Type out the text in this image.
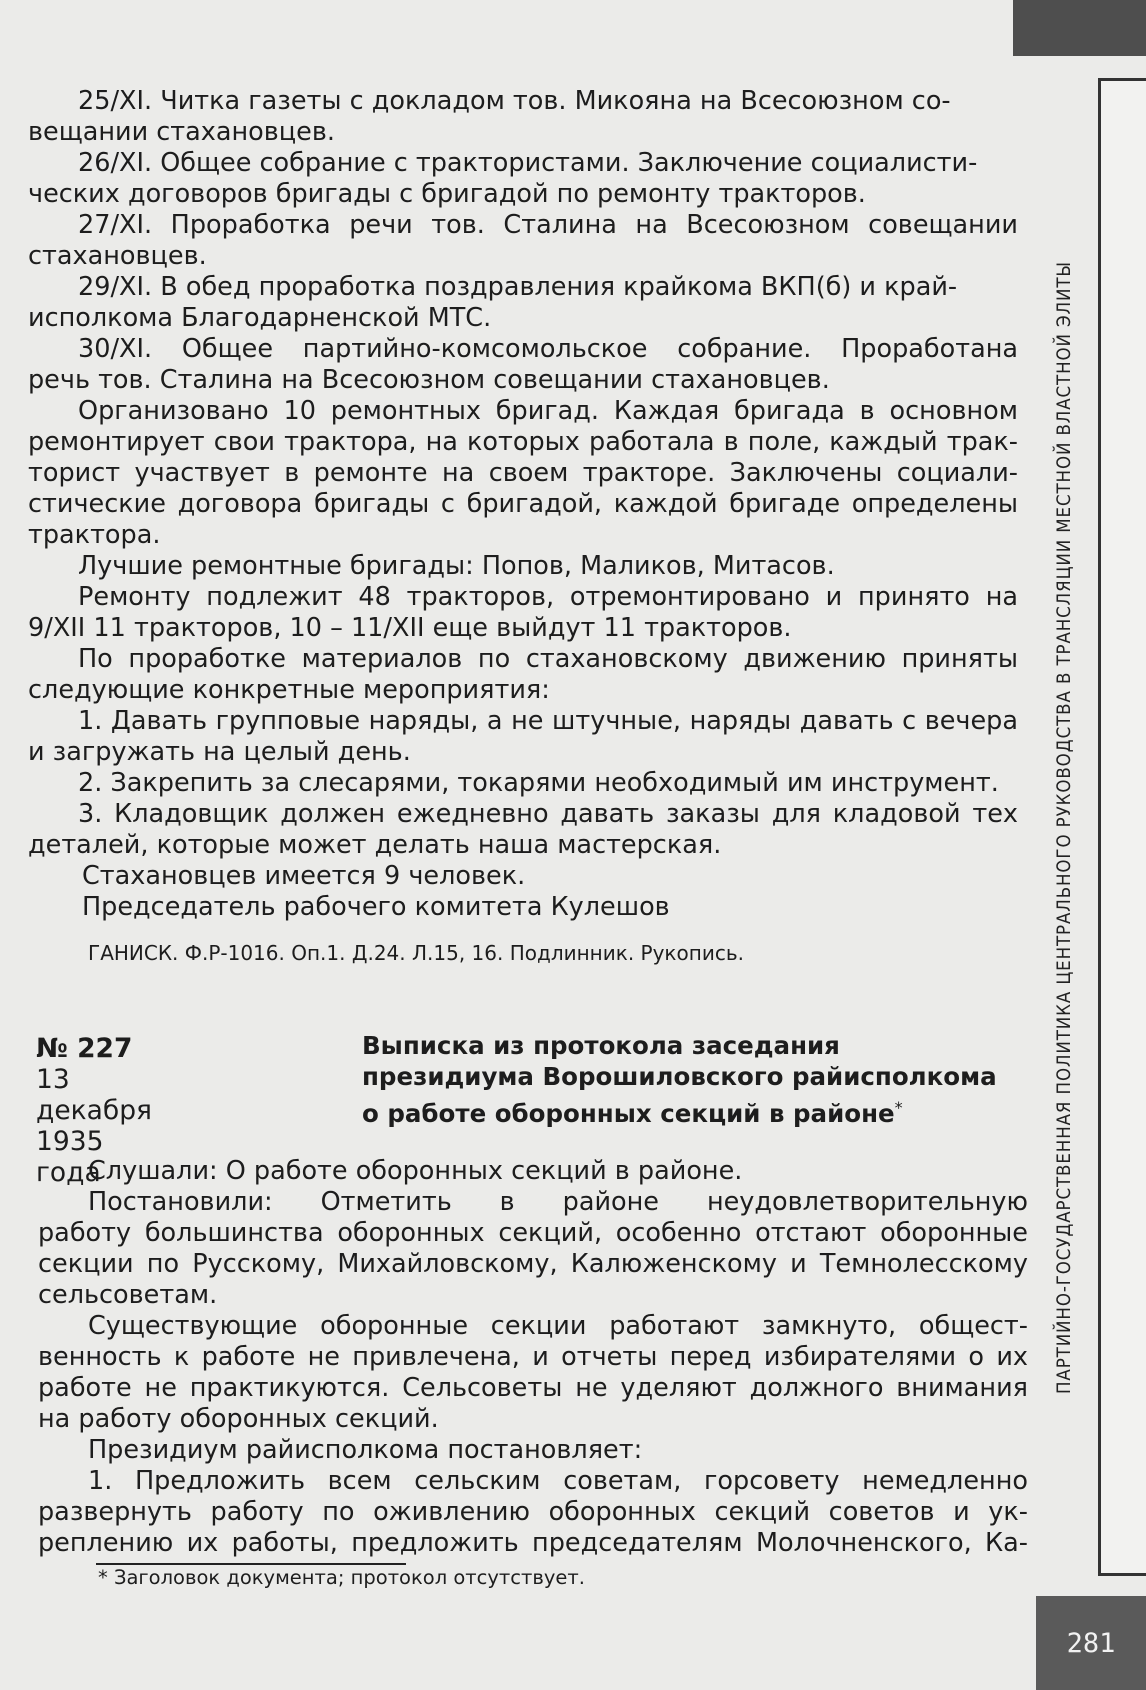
ПАРТИЙНО-ГОСУДАРСТВЕННАЯ ПОЛИТИКА ЦЕНТРАЛЬНОГО РУКОВОДСТВА В ТРАНСЛЯЦИИ МЕСТНОЙ ВЛАСТНОЙ ЭЛИТЫ
281
25/XI. Читка газеты с докладом тов. Микояна на Всесоюзном со-
вещании стахановцев.
26/XI. Общее собрание с трактористами. Заключение социалисти-
ческих договоров бригады с бригадой по ремонту тракторов.
27/XI. Проработка речи тов. Сталина на Всесоюзном совещании
стахановцев.
29/XI. В обед проработка поздравления крайкома ВКП(б) и край-
исполкома Благодарненской МТС.
30/XI. Общее партийно-комсомольское собрание. Проработана
речь тов. Сталина на Всесоюзном совещании стахановцев.
Организовано 10 ремонтных бригад. Каждая бригада в основном
ремонтирует свои трактора, на которых работала в поле, каждый трак-
торист участвует в ремонте на своем тракторе. Заключены социали-
стические договора бригады с бригадой, каждой бригаде определены
трактора.
Лучшие ремонтные бригады: Попов, Маликов, Митасов.
Ремонту подлежит 48 тракторов, отремонтировано и принято на
9/XII 11 тракторов, 10 – 11/XII еще выйдут 11 тракторов.
По проработке материалов по стахановскому движению приняты
следующие конкретные мероприятия:
1. Давать групповые наряды, а не штучные, наряды давать с вечера
и загружать на целый день.
2. Закрепить за слесарями, токарями необходимый им инструмент.
3. Кладовщик должен ежедневно давать заказы для кладовой тех
деталей, которые может делать наша мастерская.
Стахановцев имеется 9 человек.
Председатель рабочего комитета Кулешов
ГАНИСК. Ф.Р-1016. Оп.1. Д.24. Л.15, 16. Подлинник. Рукопись.
№ 227
13 декабря
1935 года
Выписка из протокола заседания
президиума Ворошиловского райисполкома
о работе оборонных секций в районе*
Слушали: О работе оборонных секций в районе.
Постановили: Отметить в районе неудовлетворительную
работу большинства оборонных секций, особенно отстают оборонные
секции по Русскому, Михайловскому, Калюженскому и Темнолесскому
сельсоветам.
Существующие оборонные секции работают замкнуто, общест-
венность к работе не привлечена, и отчеты перед избирателями о их
работе не практикуются. Сельсоветы не уделяют должного внимания
на работу оборонных секций.
Президиум райисполкома постановляет:
1. Предложить всем сельским советам, горсовету немедленно
развернуть работу по оживлению оборонных секций советов и ук-
реплению их работы, предложить председателям Молочненского, Ка-
* Заголовок документа; протокол отсутствует.
